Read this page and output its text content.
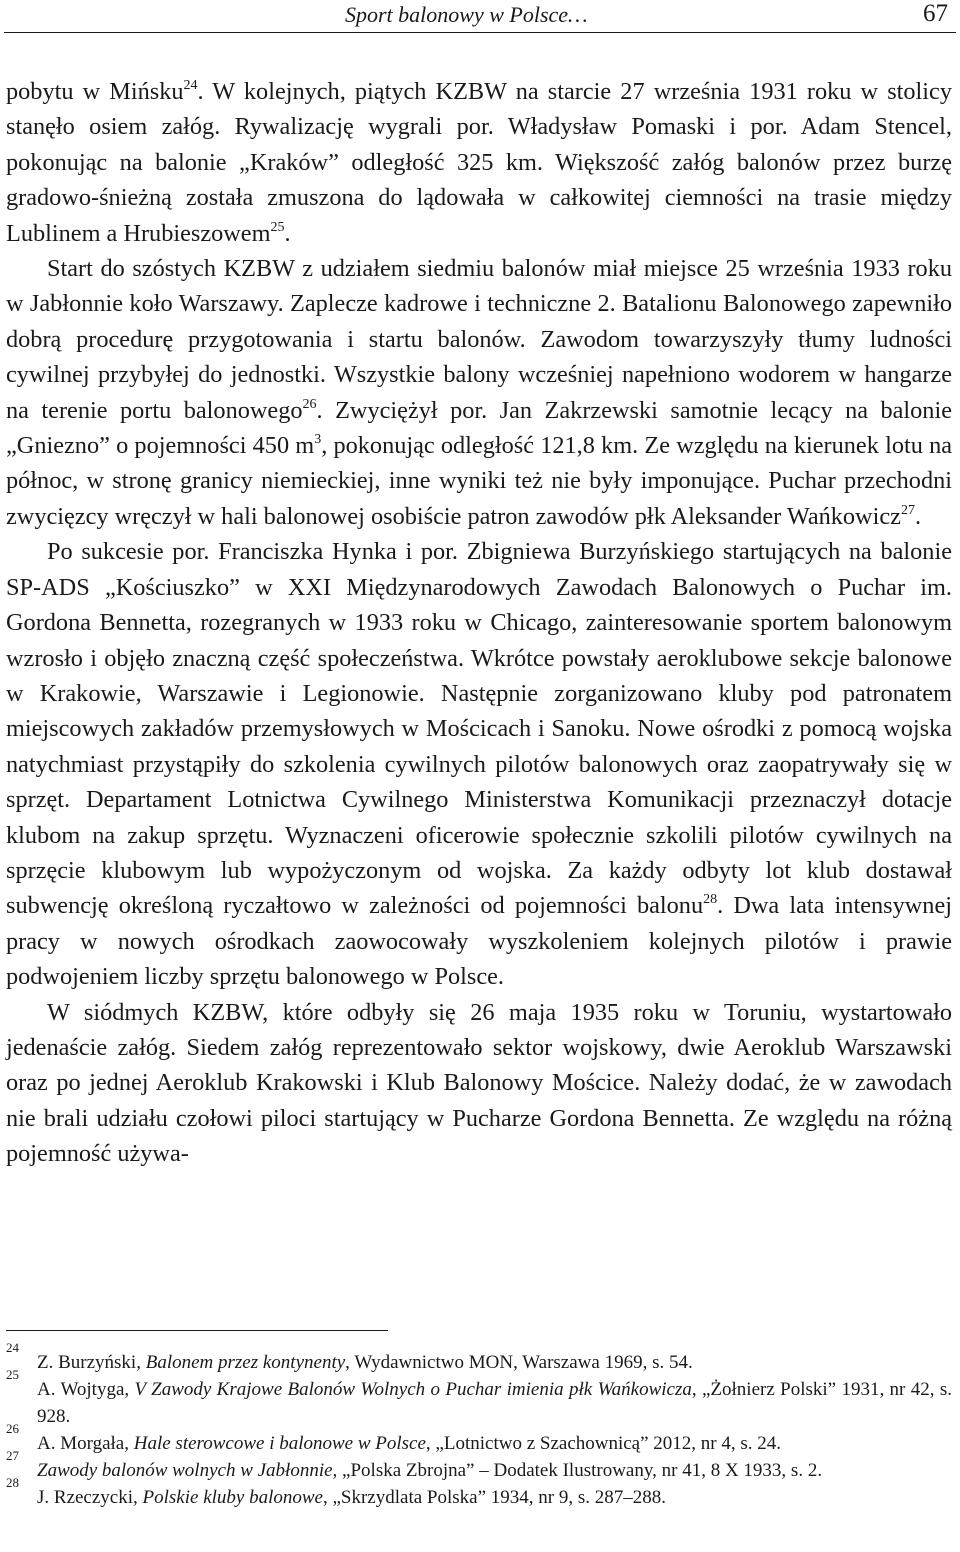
Sport balonowy w Polsce…	67

pobytu w Mińsku$^{24}$. W kolejnych, piątych KZBW na starcie 27 września 1931 roku w stolicy stanęło osiem załóg. Rywalizację wygrali por. Władysław Pomaski i por. Adam Stencel, pokonując na balonie „Kraków” odległość 325 km. Większość załóg balonów przez burzę gradowo-śnieżną została zmuszona do lądowała w całkowitej ciemności na trasie między Lublinem a Hrubieszowem$^{25}$.

Start do szóstych KZBW z udziałem siedmiu balonów miał miejsce 25 września 1933 roku w Jabłonnie koło Warszawy. Zaplecze kadrowe i techniczne 2. Batalionu Balonowego zapewniło dobrą procedurę przygotowania i startu balonów. Zawodom towarzyszyły tłumy ludności cywilnej przybyłej do jednostki. Wszystkie balony wcześniej napełniono wodorem w hangarze na terenie portu balonowego$^{26}$. Zwyciężył por. Jan Zakrzewski samotnie lecący na balonie „Gniezno” o pojemności 450 $m^3$, pokonując odległość 121,8 km. Ze względu na kierunek lotu na północ, w stronę granicy niemieckiej, inne wyniki też nie były imponujące. Puchar przechodni zwycięzcy wręczył w hali balonowej osobiście patron zawodów płk Aleksander Wańkowicz$^{27}$.

Po sukcesie por. Franciszka Hynka i por. Zbigniewa Burzyńskiego startujących na balonie SP-ADS „Kościuszko” w XXI Międzynarodowych Zawodach Balonowych o Puchar im. Gordona Bennetta, rozegranych w 1933 roku w Chicago, zainteresowanie sportem balonowym wzrosło i objęło znaczną część społeczeństwa. Wkrótce powstały aeroklubowe sekcje balonowe w Krakowie, Warszawie i Legionowie. Następnie zorganizowano kluby pod patronatem miejscowych zakładów przemysłowych w Mościcach i Sanoku. Nowe ośrodki z pomocą wojska natychmiast przystąpiły do szkolenia cywilnych pilotów balonowych oraz zaopatrywały się w sprzęt. Departament Lotnictwa Cywilnego Ministerstwa Komunikacji przeznaczył dotacje klubom na zakup sprzętu. Wyznaczeni oficerowie społecznie szkolili pilotów cywilnych na sprzęcie klubowym lub wypożyczonym od wojska. Za każdy odbyty lot klub dostawał subwencję określoną ryczałtowo w zależności od pojemności balonu$^{28}$. Dwa lata intensywnej pracy w nowych ośrodkach zaowocowały wyszkoleniem kolejnych pilotów i prawie podwojeniem liczby sprzętu balonowego w Polsce.

W siódmych KZBW, które odbyły się 26 maja 1935 roku w Toruniu, wystartowało jedenaście załóg. Siedem załóg reprezentowało sektor wojskowy, dwie Aeroklub Warszawski oraz po jednej Aeroklub Krakowski i Klub Balonowy Mościce. Należy dodać, że w zawodach nie brali udziału czołowi piloci startujący w Pucharze Gordona Bennetta. Ze względu na różną pojemność używa-

24
Z. Burzyński, Balonem przez kontynenty, Wydawnictwo MON, Warszawa 1969, s. 54.

25
A. Wojtyga, V Zawody Krajowe Balonów Wolnych o Puchar imienia płk Wańkowicza, „Żołnierz Polski” 1931, nr 42, s. 928.

26
A. Morgała, Hale sterowcowe i balonowe w Polsce, „Lotnictwo z Szachownicą” 2012, nr 4, s. 24.

27
Zawody balonów wolnych w Jabłonnie, „Polska Zbrojna” – Dodatek Ilustrowany, nr 41, 8 X 1933, s. 2.

28
J. Rzeczycki, Polskie kluby balonowe, „Skrzydlata Polska” 1934, nr 9, s. 287–288.
